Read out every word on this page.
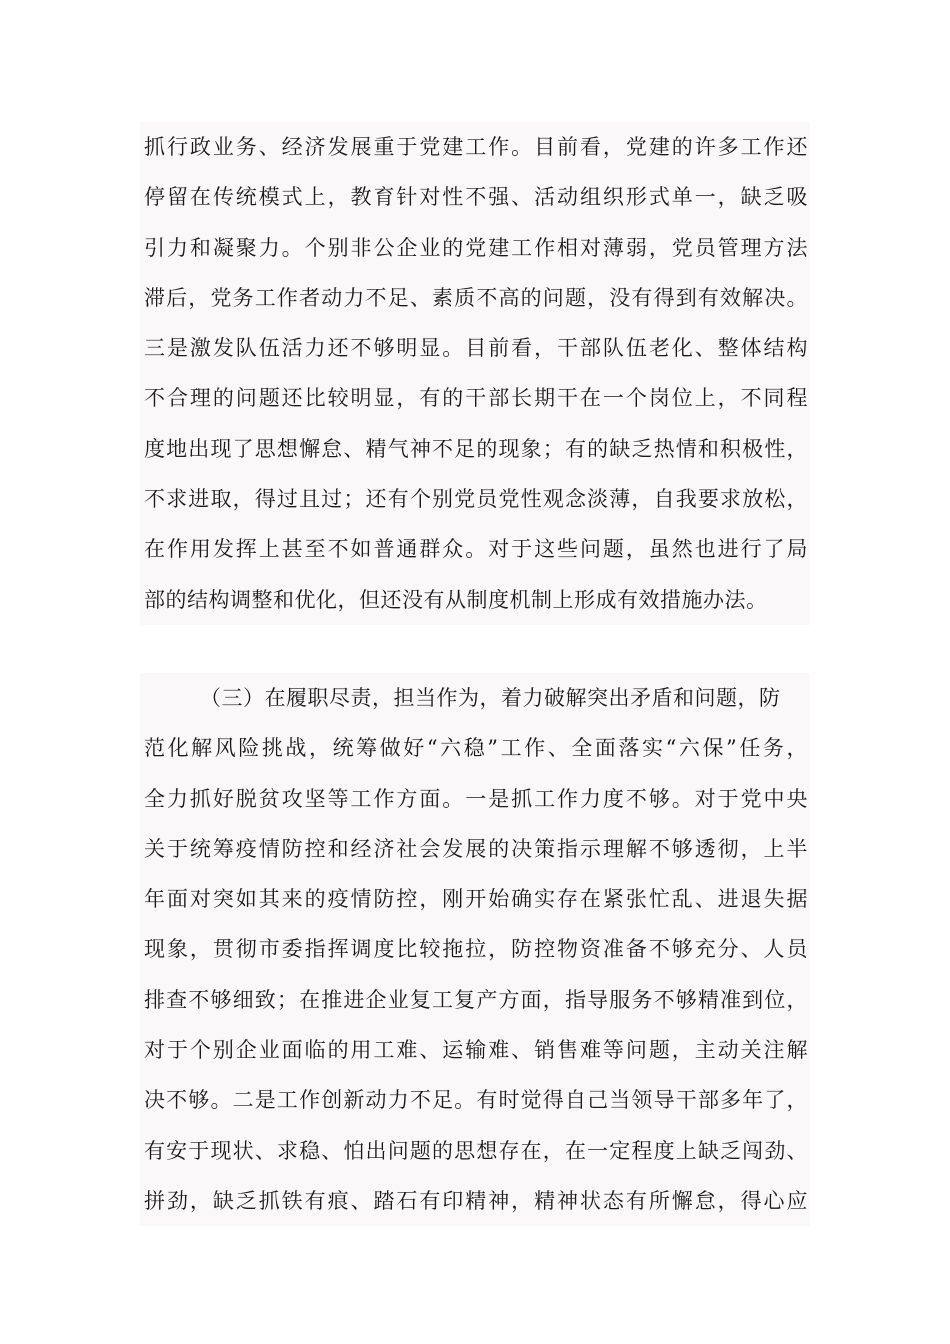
抓行政业务、经济发展重于党建工作。目前看，党建的许多工作还
停留在传统模式上，教育针对性不强、活动组织形式单一，缺乏吸
引力和凝聚力。个别非公企业的党建工作相对薄弱，党员管理方法
滞后，党务工作者动力不足、素质不高的问题，没有得到有效解决。
三是激发队伍活力还不够明显。目前看，干部队伍老化、整体结构
不合理的问题还比较明显，有的干部长期干在一个岗位上，不同程
度地出现了思想懈怠、精气神不足的现象；有的缺乏热情和积极性，
不求进取，得过且过；还有个别党员党性观念淡薄，自我要求放松，
在作用发挥上甚至不如普通群众。对于这些问题，虽然也进行了局
部的结构调整和优化，但还没有从制度机制上形成有效措施办法。
（三）在履职尽责，担当作为，着力破解突出矛盾和问题，防
范化解风险挑战，统筹做好“六稳”工作、全面落实“六保”任务，
全力抓好脱贫攻坚等工作方面。一是抓工作力度不够。对于党中央
关于统筹疫情防控和经济社会发展的决策指示理解不够透彻，上半
年面对突如其来的疫情防控，刚开始确实存在紧张忙乱、进退失据
现象，贯彻市委指挥调度比较拖拉，防控物资准备不够充分、人员
排查不够细致；在推进企业复工复产方面，指导服务不够精准到位，
对于个别企业面临的用工难、运输难、销售难等问题，主动关注解
决不够。二是工作创新动力不足。有时觉得自己当领导干部多年了，
有安于现状、求稳、怕出问题的思想存在，在一定程度上缺乏闯劲、
拼劲，缺乏抓铁有痕、踏石有印精神，精神状态有所懈怠，得心应
